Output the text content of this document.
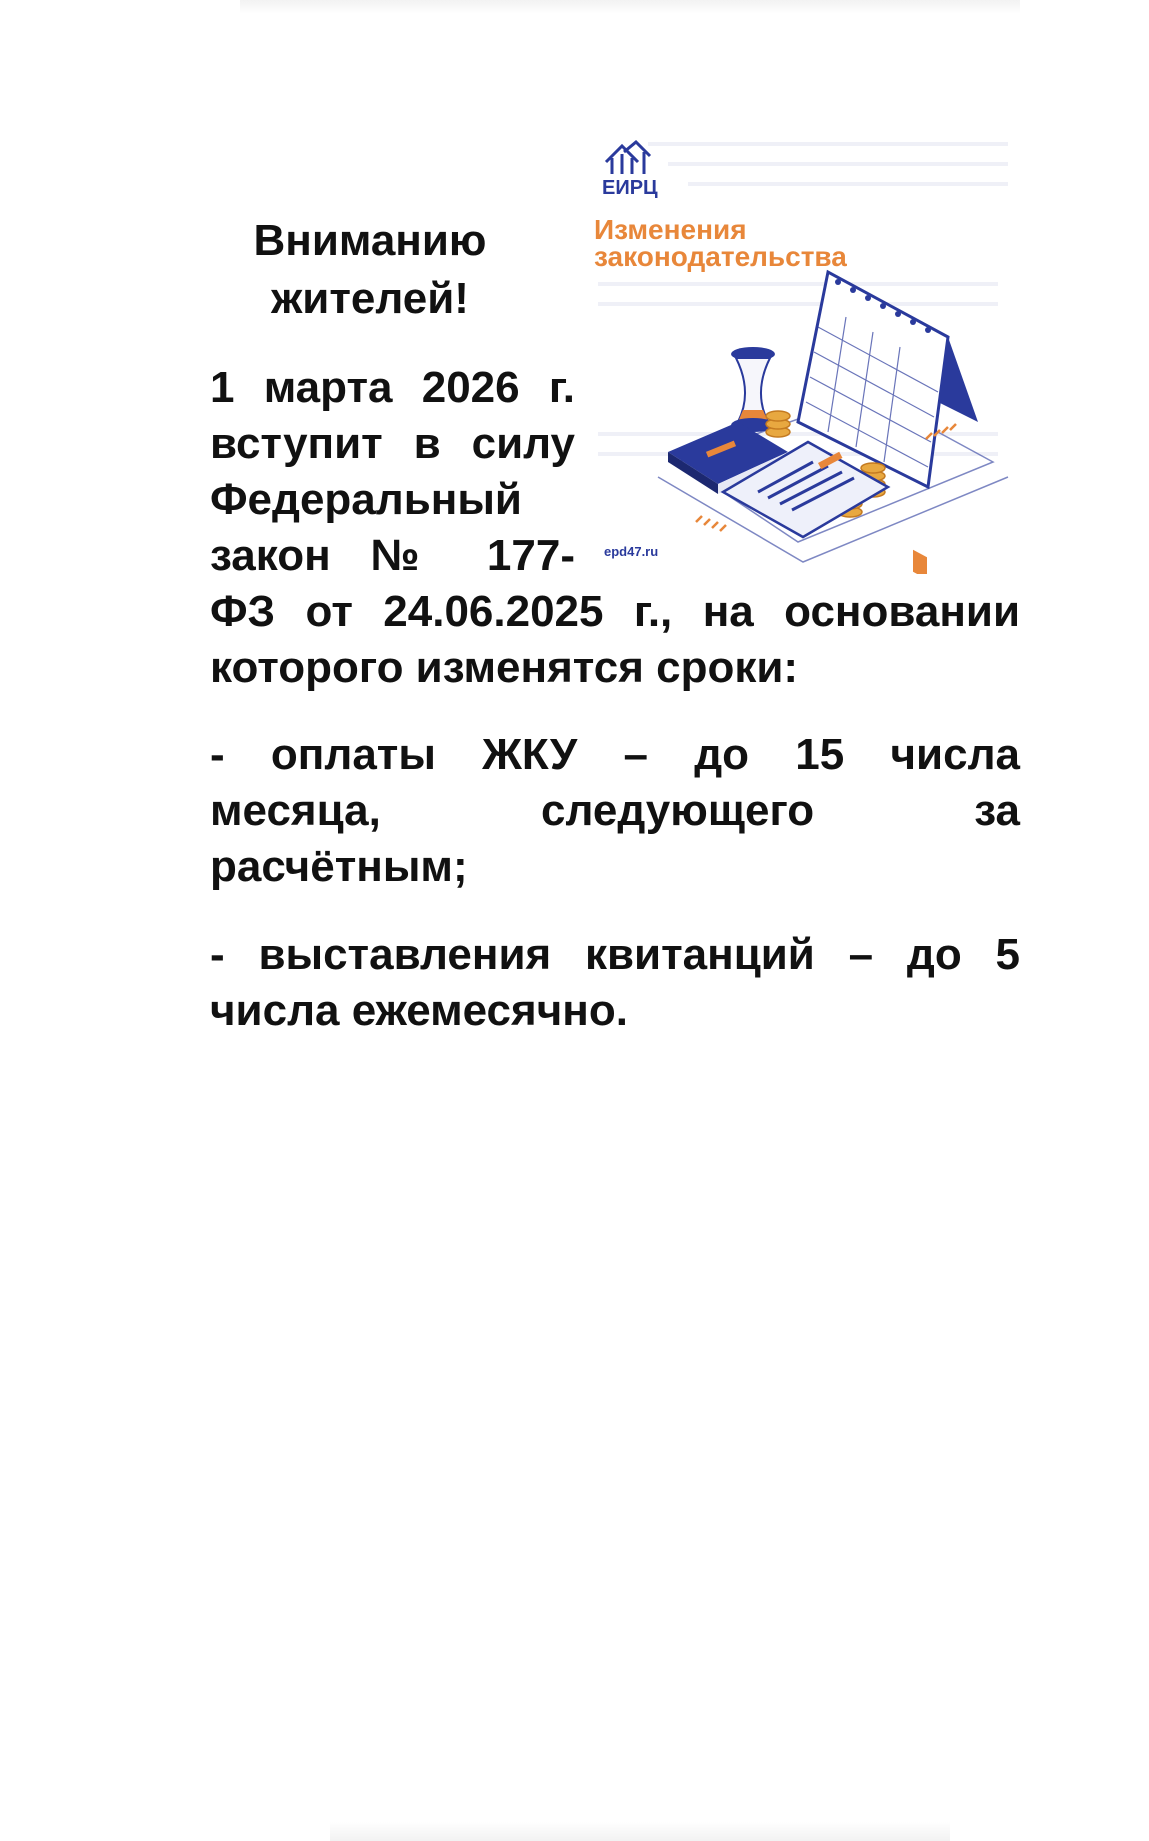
ЕИРЦ
Изменения
законодательства
epd47.ru
Вниманию
жителей!
1 марта 2026 г.
вступит в силу
Федеральный
закон № 177-
ФЗ от 24.06.2025 г., на основании
которого изменятся сроки:
- оплаты ЖКУ – до 15 числа
месяца, следующего за
расчётным;
- выставления квитанций – до 5
числа ежемесячно.
